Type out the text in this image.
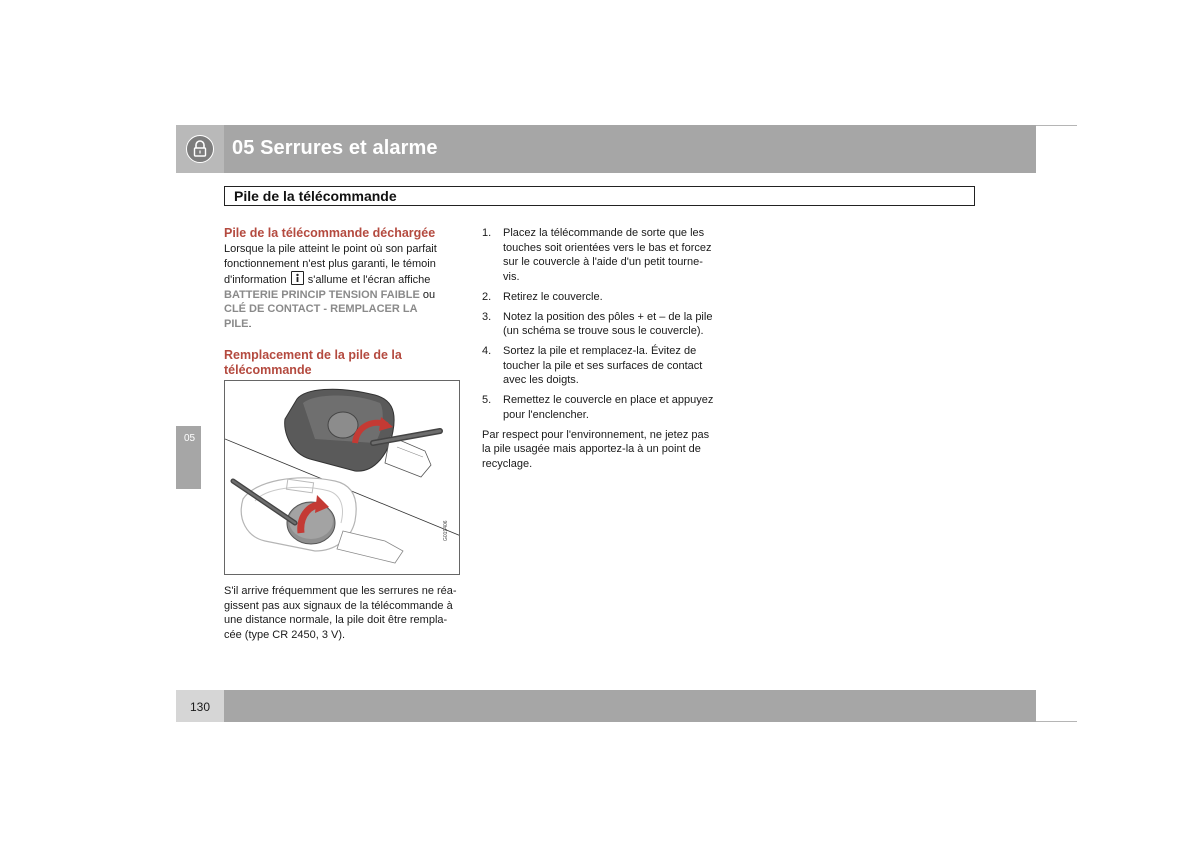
05 Serrures et alarme
Pile de la télécommande
05
Pile de la télécommande déchargée
Lorsque la pile atteint le point où son parfait
fonctionnement n'est plus garanti, le témoin
d'information s'allume et l'écran affiche
BATTERIE PRINCIP TENSION FAIBLE ou
CLÉ DE CONTACT - REMPLACER LA
PILE.
Remplacement de la pile de la
télécommande
G019406
S'il arrive fréquemment que les serrures ne réa-
gissent pas aux signaux de la télécommande à
une distance normale, la pile doit être rempla-
cée (type CR 2450, 3 V).
1. Placez la télécommande de sorte que les
touches soit orientées vers le bas et forcez
sur le couvercle à l'aide d'un petit tourne-
vis.
2. Retirez le couvercle.
3. Notez la position des pôles + et – de la pile
(un schéma se trouve sous le couvercle).
4. Sortez la pile et remplacez-la. Évitez de
toucher la pile et ses surfaces de contact
avec les doigts.
5. Remettez le couvercle en place et appuyez
pour l'enclencher.
Par respect pour l'environnement, ne jetez pas
la pile usagée mais apportez-la à un point de
recyclage.
130
